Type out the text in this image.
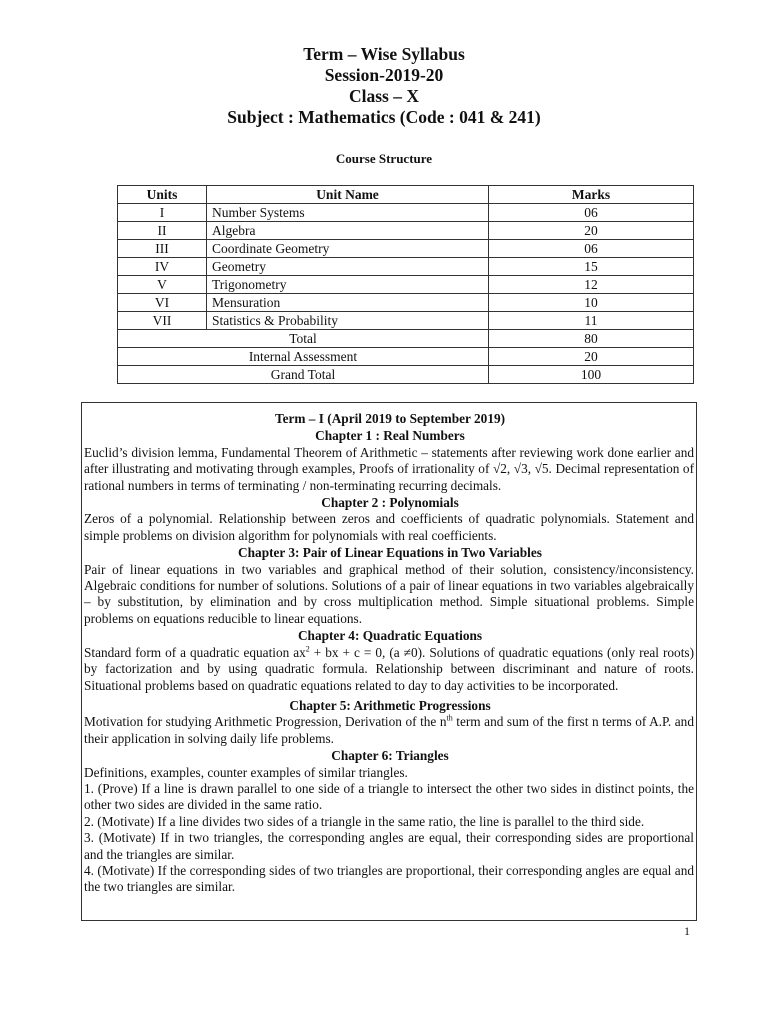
Term – Wise Syllabus
Session-2019-20
Class – X
Subject : Mathematics (Code : 041 & 241)
Course Structure
Units	Unit Name	Marks
I	Number Systems	06
II	Algebra	20
III	Coordinate Geometry	06
IV	Geometry	15
V	Trigonometry	12
VI	Mensuration	10
VII	Statistics & Probability	11
Total		80
Internal Assessment		20
Grand Total		100
Term – I (April 2019 to September 2019)
Chapter 1 : Real Numbers
Euclid’s division lemma, Fundamental Theorem of Arithmetic – statements after reviewing work done earlier and after illustrating and motivating through examples, Proofs of irrationality of √2, √3, √5. Decimal representation of rational numbers in terms of terminating / non-terminating recurring decimals.
Chapter 2 : Polynomials
Zeros of a polynomial. Relationship between zeros and coefficients of quadratic polynomials. Statement and simple problems on division algorithm for polynomials with real coefficients.
Chapter 3: Pair of Linear Equations in Two Variables
Pair of linear equations in two variables and graphical method of their solution, consistency/inconsistency. Algebraic conditions for number of solutions. Solutions of a pair of linear equations in two variables algebraically – by substitution, by elimination and by cross multiplication method. Simple situational problems. Simple problems on equations reducible to linear equations.
Chapter 4: Quadratic Equations
Standard form of a quadratic equation $ax^2$ + bx + c = 0, (a ≠0). Solutions of quadratic equations (only real roots) by factorization and by using quadratic formula. Relationship between discriminant and nature of roots. Situational problems based on quadratic equations related to day to day activities to be incorporated.
Chapter 5: Arithmetic Progressions
Motivation for studying Arithmetic Progression, Derivation of the $n^{th}$ term and sum of the first n terms of A.P. and their application in solving daily life problems.
Chapter 6: Triangles
Definitions, examples, counter examples of similar triangles.
1. (Prove) If a line is drawn parallel to one side of a triangle to intersect the other two sides in distinct points, the other two sides are divided in the same ratio.
2. (Motivate) If a line divides two sides of a triangle in the same ratio, the line is parallel to the third side.
3. (Motivate) If in two triangles, the corresponding angles are equal, their corresponding sides are proportional and the triangles are similar.
4. (Motivate) If the corresponding sides of two triangles are proportional, their corresponding angles are equal and the two triangles are similar.
1
